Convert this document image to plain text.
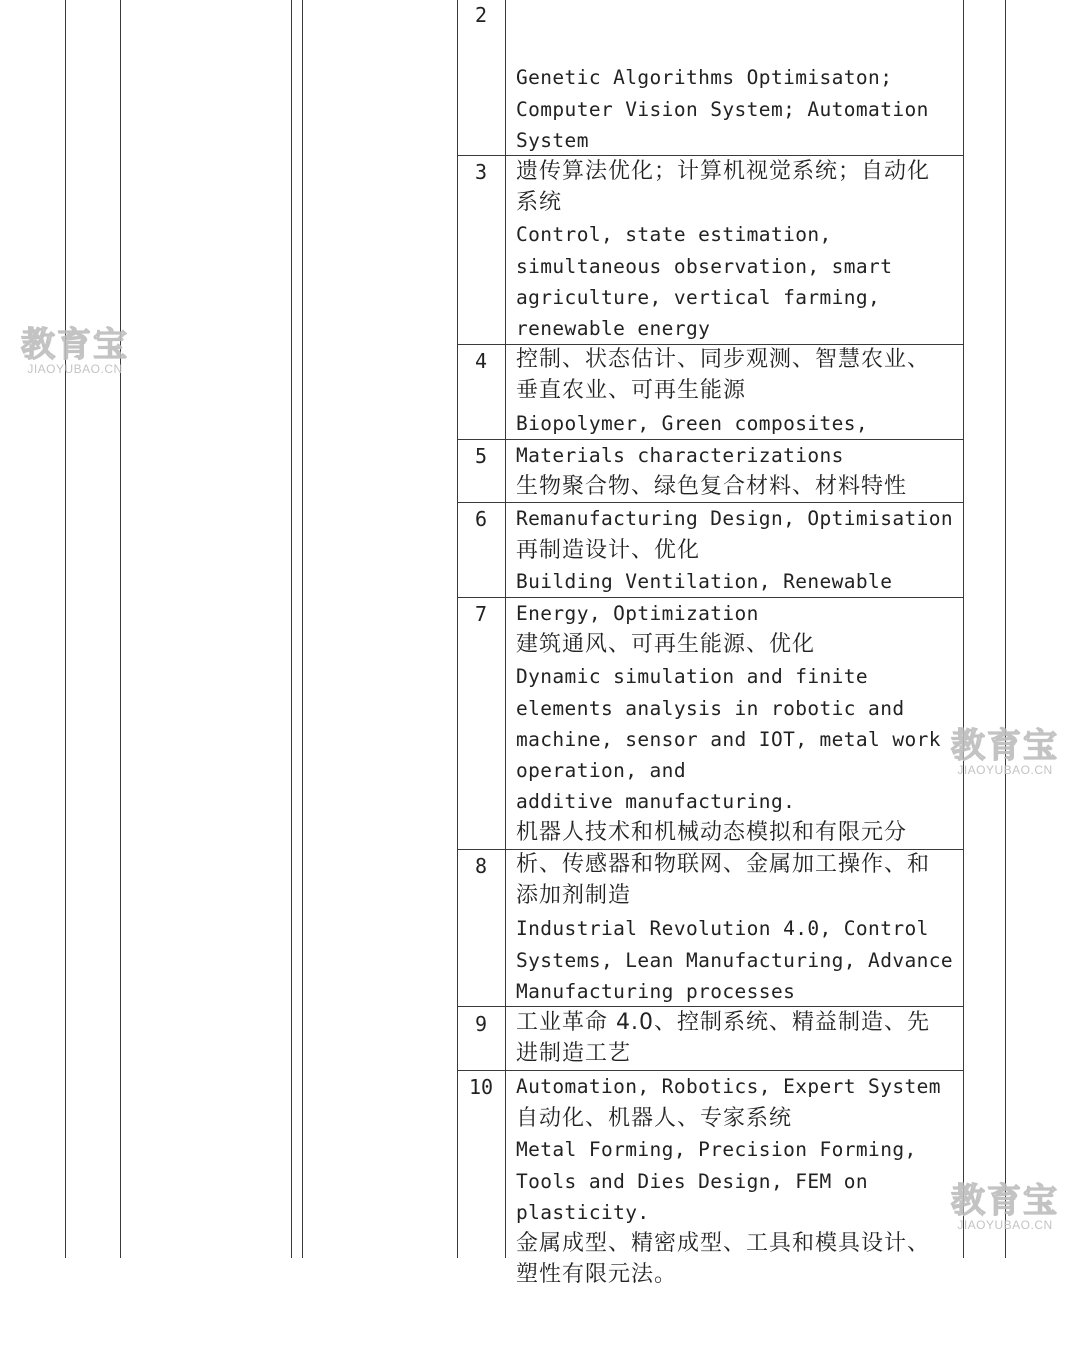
2

Genetic Algorithms Optimisaton;
Computer Vision System; Automation
System
遗传算法优化；计算机视觉系统；自动化
系统

3

Control, state estimation,
simultaneous observation, smart
agriculture, vertical farming,
renewable energy
控制、状态估计、同步观测、智慧农业、
垂直农业、可再生能源

4

Biopolymer, Green composites,
Materials characterizations
生物聚合物、绿色复合材料、材料特性

5

Remanufacturing Design, Optimisation
再制造设计、优化

6

Building Ventilation, Renewable
Energy, Optimization
建筑通风、可再生能源、优化

7

Dynamic simulation and finite
elements analysis in robotic and
machine, sensor and IOT, metal work
operation, and
additive manufacturing.
机器人技术和机械动态模拟和有限元分
析、传感器和物联网、金属加工操作、和
添加剂制造

8

Industrial Revolution 4.0, Control
Systems, Lean Manufacturing, Advance
Manufacturing processes
工业革命 4.0、控制系统、精益制造、先
进制造工艺

9

Automation, Robotics, Expert System
自动化、机器人、专家系统

10

Metal Forming, Precision Forming,
Tools and Dies Design, FEM on
plasticity.
金属成型、精密成型、工具和模具设计、
塑性有限元法。

教育宝
JIAOYUBAO.CN
教育宝
JIAOYUBAO.CN
教育宝
JIAOYUBAO.CN
